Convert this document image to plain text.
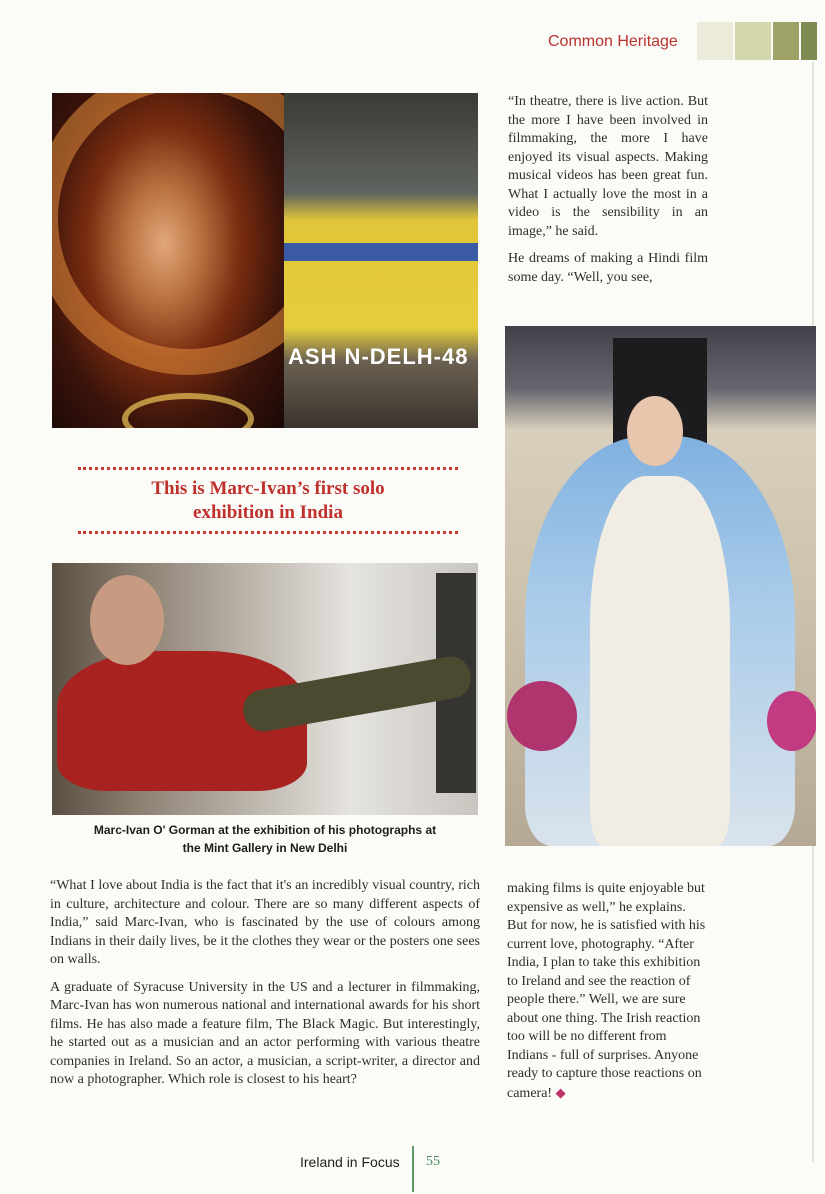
Common Heritage
ASH N-DELH-48

“In theatre, there is live action. But the more I have been involved in filmmaking, the more I have enjoyed its visual aspects. Making musical videos has been great fun. What I actually love the most in a video is the sensibility in an image,” he said.

He dreams of making a Hindi film some day. “Well, you see,

This is Marc-Ivan’s first solo
exhibition in India
Marc-Ivan O' Gorman at the exhibition of his photographs at
the Mint Gallery in New Delhi

“What I love about India is the fact that it's an incredibly visual country, rich in culture, architecture and colour. There are so many different aspects of India,” said Marc-Ivan, who is fascinated by the use of colours among Indians in their daily lives, be it the clothes they wear or the posters one sees on walls.

A graduate of Syracuse University in the US and a lecturer in filmmaking, Marc-Ivan has won numerous national and international awards for his short films. He has also made a feature film, The Black Magic. But interestingly, he started out as a musician and an actor performing with various theatre companies in Ireland. So an actor, a musician, a script-writer, a director and now a photographer. Which role is closest to his heart?

making films is quite enjoyable but expensive as well,” he explains. But for now, he is satisfied with his current love, photography. “After India, I plan to take this exhibition to Ireland and see the reaction of people there.” Well, we are sure about one thing. The Irish reaction too will be no different from Indians - full of surprises. Anyone ready to capture those reactions on camera! ◆
Ireland in Focus 55
